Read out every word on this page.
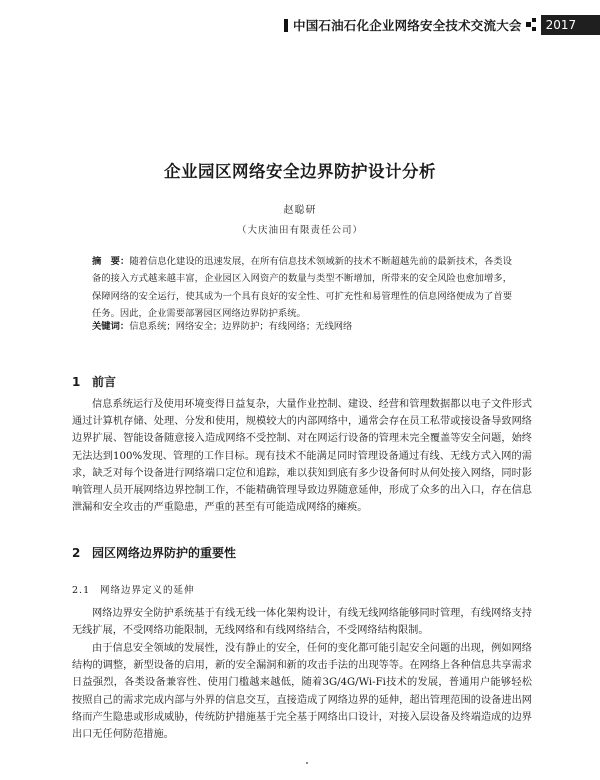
中国石油石化企业网络安全技术交流大会	2017
企业园区网络安全边界防护设计分析
赵聪研
（大庆油田有限责任公司）
摘　要：随着信息化建设的迅速发展，在所有信息技术领域新的技术不断超越先前的最新技术，各类设备的接入方式越来越丰富，企业园区入网资产的数量与类型不断增加，所带来的安全风险也愈加增多，保障网络的安全运行，使其成为一个具有良好的安全性、可扩充性和易管理性的信息网络便成为了首要任务。因此，企业需要部署园区网络边界防护系统。
关键词：信息系统；网络安全；边界防护；有线网络；无线网络
1 前言
信息系统运行及使用环境变得日益复杂，大量作业控制、建设、经营和管理数据都以电子文件形式通过计算机存储、处理、分发和使用，规模较大的内部网络中，通常会存在员工私带或接设备导致网络边界扩展、智能设备随意接入造成网络不受控制、对在网运行设备的管理未完全覆盖等安全问题，始终无法达到100%发现、管理的工作目标。现有技术不能满足同时管理设备通过有线、无线方式入网的需求，缺乏对每个设备进行网络端口定位和追踪，难以获知到底有多少设备何时从何处接入网络，同时影响管理人员开展网络边界控制工作，不能精确管理导致边界随意延伸，形成了众多的出入口，存在信息泄漏和安全攻击的严重隐患，严重的甚至有可能造成网络的瘫痪。
2 园区网络边界防护的重要性
2.1 网络边界定义的延伸
网络边界安全防护系统基于有线无线一体化架构设计，有线无线网络能够同时管理，有线网络支持无线扩展，不受网络功能限制，无线网络和有线网络结合，不受网络结构限制。
由于信息安全领域的发展性，没有静止的安全，任何的变化都可能引起安全问题的出现，例如网络结构的调整，新型设备的启用，新的安全漏洞和新的攻击手法的出现等等。在网络上各种信息共享需求日益强烈，各类设备兼容性、使用门槛越来越低，随着3G/4G/Wi-Fi技术的发展，普通用户能够轻松按照自己的需求完成内部与外界的信息交互，直接造成了网络边界的延伸，超出管理范围的设备进出网络而产生隐患或形成威胁，传统防护措施基于完全基于网络出口设计，对接入层设备及终端造成的边界出口无任何防范措施。
